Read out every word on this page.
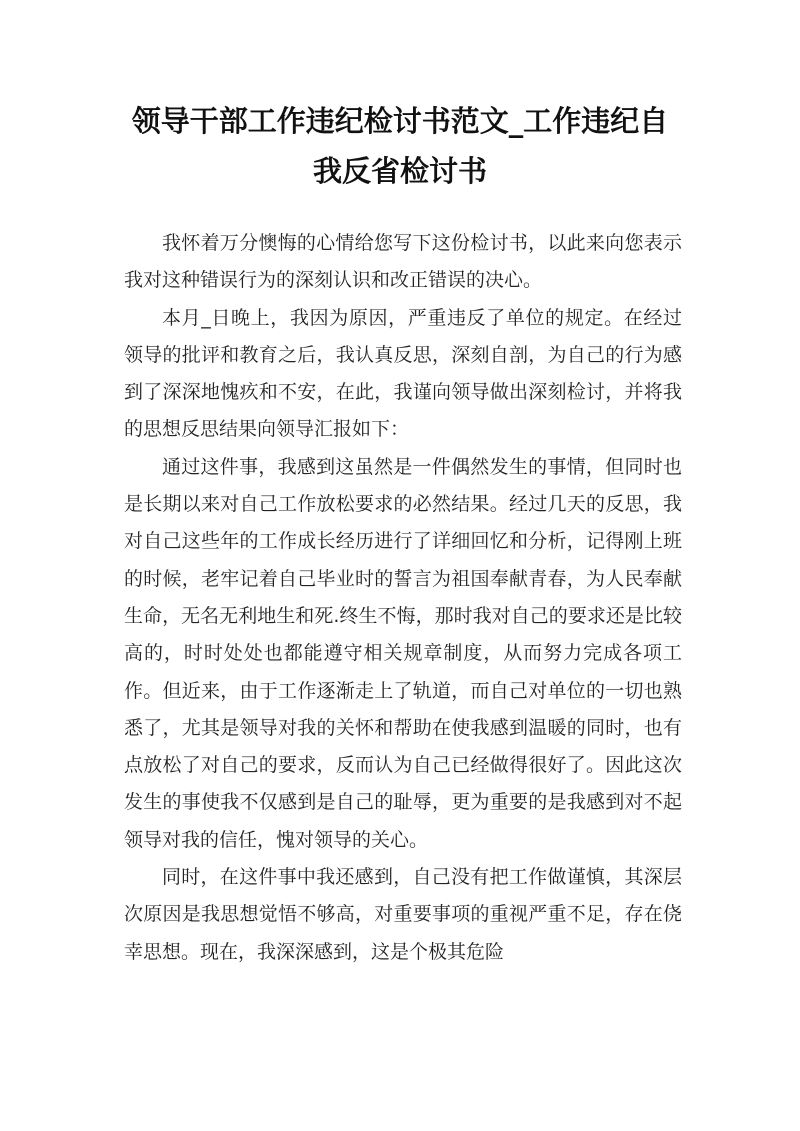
领导干部工作违纪检讨书范文_工作违纪自
我反省检讨书

我怀着万分懊悔的心情给您写下这份检讨书，以此来向您表示我对这种错误行为的深刻认识和改正错误的决心。

本月_日晚上，我因为原因，严重违反了单位的规定。在经过领导的批评和教育之后，我认真反思，深刻自剖，为自己的行为感到了深深地愧疚和不安，在此，我谨向领导做出深刻检讨，并将我的思想反思结果向领导汇报如下：

通过这件事，我感到这虽然是一件偶然发生的事情，但同时也是长期以来对自己工作放松要求的必然结果。经过几天的反思，我对自己这些年的工作成长经历进行了详细回忆和分析，记得刚上班的时候，老牢记着自己毕业时的誓言为祖国奉献青春，为人民奉献生命，无名无利地生和死.终生不悔，那时我对自己的要求还是比较高的，时时处处也都能遵守相关规章制度，从而努力完成各项工作。但近来，由于工作逐渐走上了轨道，而自己对单位的一切也熟悉了，尤其是领导对我的关怀和帮助在使我感到温暖的同时，也有点放松了对自己的要求，反而认为自己已经做得很好了。因此这次发生的事使我不仅感到是自己的耻辱，更为重要的是我感到对不起领导对我的信任，愧对领导的关心。

同时，在这件事中我还感到，自己没有把工作做谨慎，其深层次原因是我思想觉悟不够高，对重要事项的重视严重不足，存在侥幸思想。现在，我深深感到，这是个极其危险
